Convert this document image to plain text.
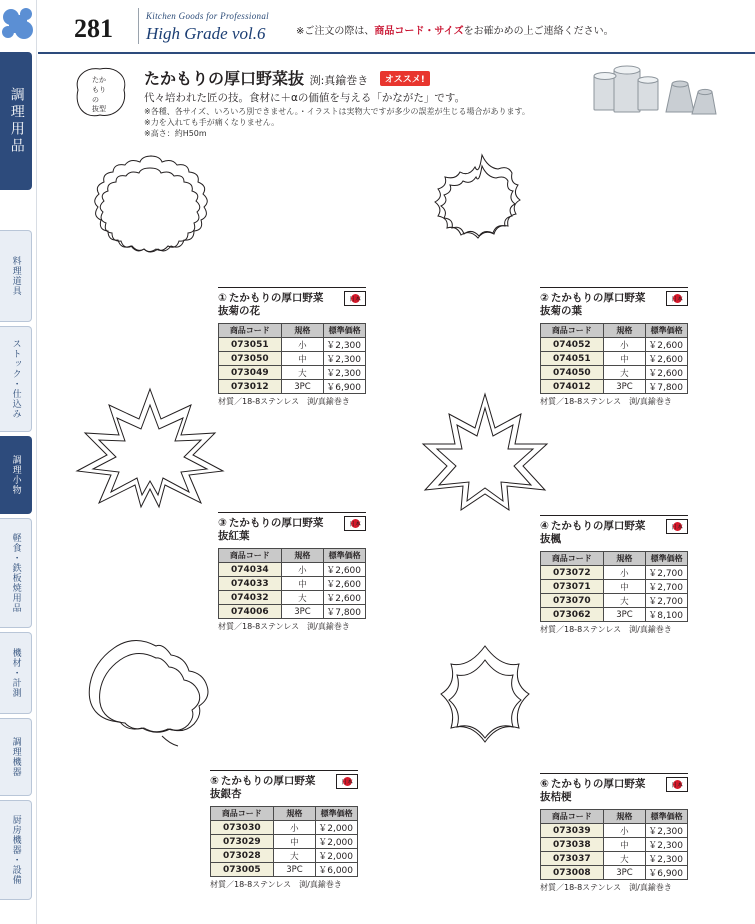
調理用品
料理道具
ストック・仕込み
調理小物
軽食・鉄板焼用品
機材・計測
調理機器
厨房機器・設備
281	Kitchen Goods for Professional
High Grade vol.6	※ご注文の際は、商品コード・サイズをお確かめの上ご連絡ください。
たか
もり
の
抜型
たかもりの厚口野菜抜 渕:真鍮巻き オススメ!
代々培われた匠の技。食材に＋αの価値を与える「かながた」です。
※各種、各サイズ、いろいろ別できません。・イラストは実物大ですが多少の誤差が生じる場合があります。
※力を入れても手が痛くなりません。
※高さ：約H50m
① たかもりの厚口野菜
抜菊の花
日本
商品コード	規格	標準価格
073051	小	￥2,300
073050	中	￥2,300
073049	大	￥2,300
073012	3PC	￥6,900
材質／18-8ステンレス　渕/真鍮巻き
② たかもりの厚口野菜
抜菊の葉
日本
商品コード	規格	標準価格
074052	小	￥2,600
074051	中	￥2,600
074050	大	￥2,600
074012	3PC	￥7,800
材質／18-8ステンレス　渕/真鍮巻き
③ たかもりの厚口野菜
抜紅葉
日本
商品コード	規格	標準価格
074034	小	￥2,600
074033	中	￥2,600
074032	大	￥2,600
074006	3PC	￥7,800
材質／18-8ステンレス　渕/真鍮巻き
④ たかもりの厚口野菜
抜楓
日本
商品コード	規格	標準価格
073072	小	￥2,700
073071	中	￥2,700
073070	大	￥2,700
073062	3PC	￥8,100
材質／18-8ステンレス　渕/真鍮巻き
⑤ たかもりの厚口野菜
抜銀杏
日本
商品コード	規格	標準価格
073030	小	￥2,000
073029	中	￥2,000
073028	大	￥2,000
073005	3PC	￥6,000
材質／18-8ステンレス　渕/真鍮巻き
⑥ たかもりの厚口野菜
抜桔梗
日本
商品コード	規格	標準価格
073039	小	￥2,300
073038	中	￥2,300
073037	大	￥2,300
073008	3PC	￥6,900
材質／18-8ステンレス　渕/真鍮巻き
